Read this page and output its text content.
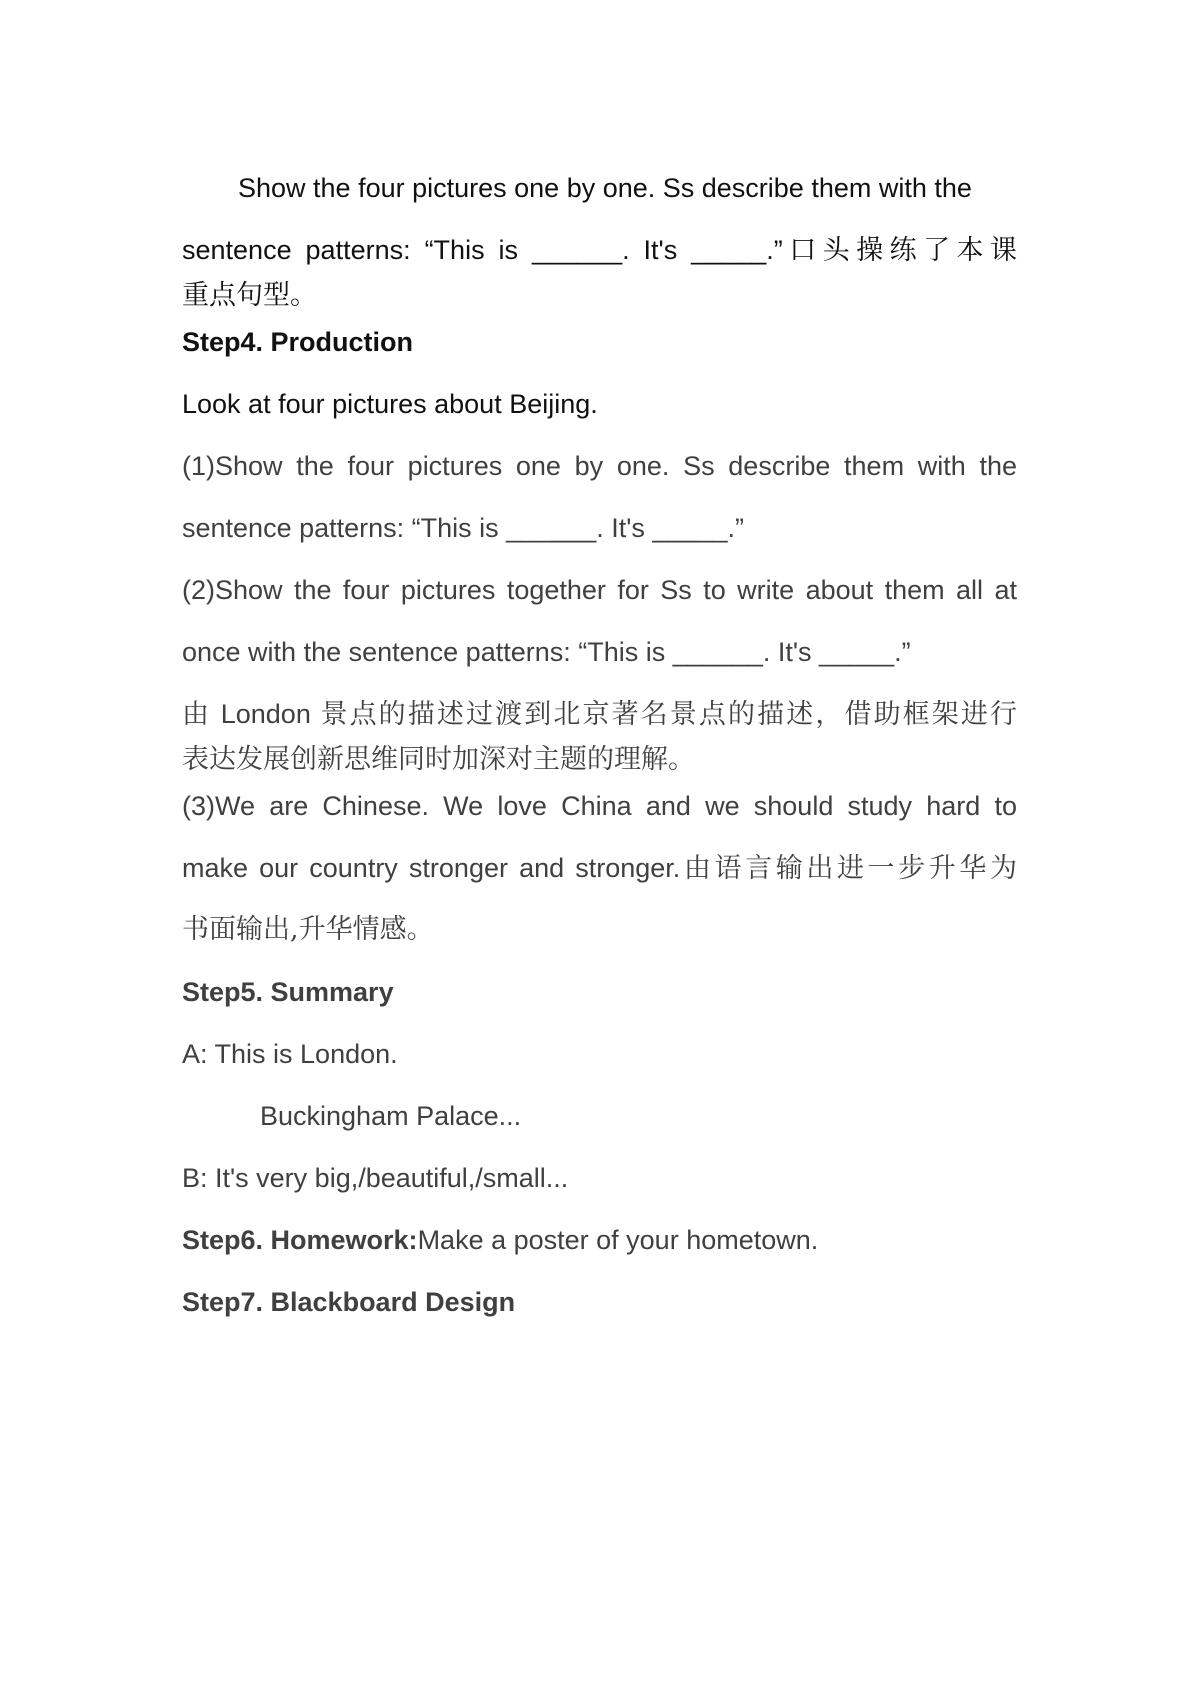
Show the four pictures one by one. Ss describe them with the
sentence patterns: “This is ______. It's _____.”口头操练了本课
重点句型。
Step4. Production
Look at four pictures about Beijing.
(1)Show the four pictures one by one. Ss describe them with the
sentence patterns: “This is ______. It's _____.”
(2)Show the four pictures together for Ss to write about them all at
once with the sentence patterns: “This is ______. It's _____.”
由 London 景点的描述过渡到北京著名景点的描述，借助框架进行
表达发展创新思维同时加深对主题的理解。
(3)We are Chinese. We love China and we should study hard to
make our country stronger and stronger.由语言输出进一步升华为
书面输出,升华情感。
Step5. Summary
A: This is London.
Buckingham Palace...
B: It's very big,/beautiful,/small...
Step6. Homework:Make a poster of your hometown.
Step7. Blackboard Design
